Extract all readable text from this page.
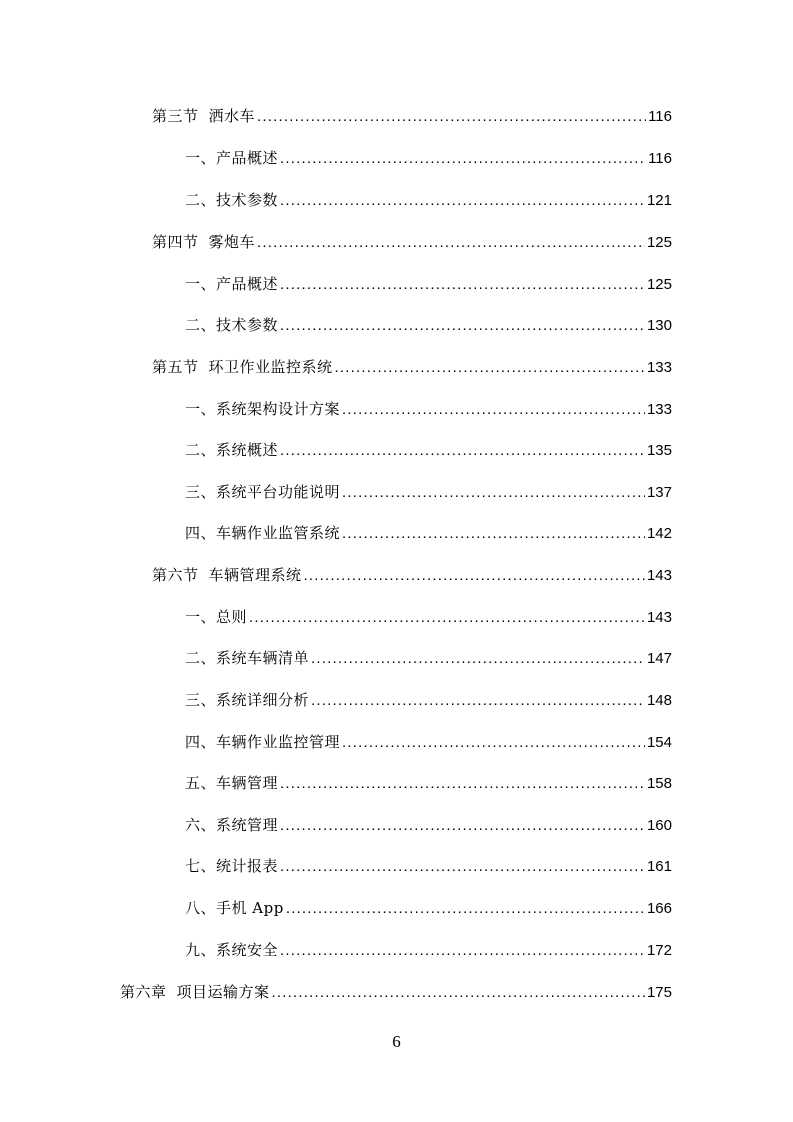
第三节 洒水车 .....	116
一、产品概述 .....	116
二、技术参数 .....	121
第四节 雾炮车 .....	125
一、产品概述 .....	125
二、技术参数 .....	130
第五节 环卫作业监控系统 .....	133
一、系统架构设计方案 .....	133
二、系统概述 .....	135
三、系统平台功能说明 .....	137
四、车辆作业监管系统 .....	142
第六节 车辆管理系统 .....	143
一、总则 .....	143
二、系统车辆清单 .....	147
三、系统详细分析 .....	148
四、车辆作业监控管理 .....	154
五、车辆管理 .....	158
六、系统管理 .....	160
七、统计报表 .....	161
八、手机 App .....	166
九、系统安全 .....	172
第六章 项目运输方案 .....	175
6
